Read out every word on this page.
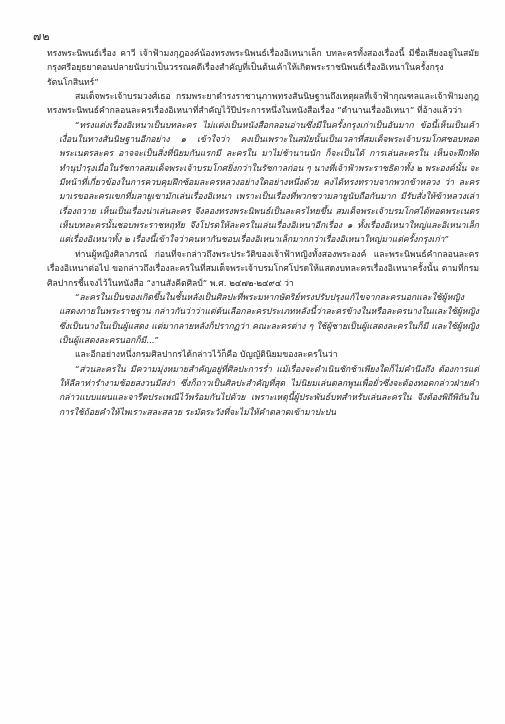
๗๒

ทรงพระนิพนธ์เรื่อง คาวี เจ้าฟ้ามงกุฎองค์น้องทรงพระนิพนธ์เรื่องอิเหนาเล็ก บทละครทั้งสองเรื่องนี้ มีชื่อเสียงอยู่ในสมัยกรุงศรีอยุธยาตอนปลายนับว่าเป็นวรรณคดีเรื่องสำคัญที่เป็นต้นเค้าให้เกิดพระราชนิพนธ์เรื่องอิเหนาในครั้งกรุงรัตนโกสินทร์”

สมเด็จพระเจ้าบรมวงศ์เธอ กรมพระยาดำรงราชานุภาพทรงสันนิษฐานถึงเหตุผลที่เจ้าฟ้ากุณฑลและเจ้าฟ้ามงกุฎทรงพระนิพนธ์คำกลอนละครเรื่องอิเหนาที่สำคัญไว้ปีประการหนึ่งในหนังสือเรื่อง “ตำนานเรื่องอิเหนา” ที่อ้างแล้วว่า

“ทรงแต่งเรื่องอิเหนาเป็นบทละคร ไม่แต่งเป็นหนังสือกลอนอ่านซึ่งมีในครั้งกรุงเก่าเป็นอันมาก ข้อนี้เห็นเป็นเค้าเงื่อนในทางสันนิษฐานอีกอย่าง ๑ เข้าใจว่า คงเป็นเพราะในสมัยนั้นเป็นเวลาที่สมเด็จพระเจ้าบรมโกศชอบทอดพระเนตรละคร อาจจะเป็นสิ่งที่นิยมกันแรกมี ละครใน มาไม่ช้านานนัก ก็จะเป็นได้ การเล่นละครใน เห็นจะฝึกหัดทำนุบำรุงเมื่อในรัชกาลสมเด็จพระเจ้าบรมโกศยิ่งกว่าในรัชกาลก่อน ๆ นางที่เจ้าฟ้าพระราชธิดาทั้ง ๒ พระองค์นั้น จะมีหน้าที่เกี่ยวข้องในการควบคุมฝึกซ้อมละครหลวงอย่างใดอย่างหนึ่งด้วย คงได้ทรงทราบจากพวกข้าหลวง ว่า ละครมาเรขอละครแขกที่มลายูเขามักเล่นเรื่องอิเหนา เพราะเป็นเรื่องที่พวกชวามลายูนับถือกันมาก มีรับสั่งให้ข้าหลวงเล่าเรื่องถวาย เห็นเป็นเรื่องน่าเล่นละคร จึงลองทรงพระนิพนธ์เป็นละครไทยขึ้น สมเด็จพระเจ้าบรมโกศได้ทอดพระเนตรเห็นบทละครนั้นชอบพระราชหฤทัย จึงโปรดให้ละครในเล่นเรื่องอิเหนาอีกเรื่อง ๑ ทั้งเรื่องอิเหนาใหญ่และอิเหนาเล็ก แต่เรื่องอิเหนาทั้ง ๒ เรื่องนี้เข้าใจว่าคนหากันชอบเรื่องอิเหนาเล็กมากกว่าเรื่องอิเหนาใหญ่มาแต่ครั้งกรุงเก่า”

ท่านผู้หญิงศิลาภรณ์ ก่อนที่จะกล่าวถึงพระประวัติของเจ้าฟ้าหญิงทั้งสองพระองค์ และพระนิพนธ์คำกลอนละครเรื่องอิเหนาต่อไป ขอกล่าวถึงเรื่องละครในที่สมเด็จพระเจ้าบรมโกศโปรดให้แสดงบทละครเรื่องอิเหนาครั้งนั้น ตามที่กรมศิลปากรชี้แจงไว้ในหนังสือ “งานสังคีตศิลป์” พ.ศ. ๒๔๗๒-๒๔๙๔ ว่า

“ละครในเป็นของเกิดขึ้นในชั้นหลังเป็นศิลปะที่พระมหากษัตริย์ทรงปรับปรุงแก้ไขจากละครนอกและใช้ผู้หญิงแสดงภายในพระราชฐาน กล่าวกันว่าว่าแต่ต้นเลือกละครประเภทหลังนี้ว่าละครข้างในหรือละครนางในและใช้ผู้หญิงซึ่งเป็นนางในเป็นผู้แสดง แต่มากลายหลังก็ปรากฏว่า คณะละครต่าง ๆ ใช้ผู้ชายเป็นผู้แสดงละครในก็มี และใช้ผู้หญิงเป็นผู้แสดงละครนอกก็มี...”

และอีกอย่างหนึ่งกรมศิลปากรได้กล่าวไว้ก็คือ บัญญัตินิยมของละครในว่า

“ส่วนละครใน มีความมุ่งหมายสำคัญอยู่ที่ศิลปะการร่ำ แม้เรื่องจะดำเนินชักช้าเพียงใดก็ไม่คำนึงถึง ต้องการแต่ให้ลีลาท่ารำงามช้อยสงวนมีสง่า ซึ่งก็ถาวเป็นศิลปะสำคัญที่สุด ไม่นิยมเล่นตลกพูนเพื่อยั่วซึ่งจะต้องทอดกล่าวฝ่ายคำกล่าวแบบแผนและจารีตประเพณีไว้พร้อมกันไปด้วย เพราะเหตุนี้ผู้ประพันธ์บทสำหรับเล่นละครใน จึงต้องพิถีพิถันในการใช้ถ้อยคำให้ไพเราะสละสลวย ระมัดระวังที่จะไม่ให้คำตลาดเข้ามาปะปน
